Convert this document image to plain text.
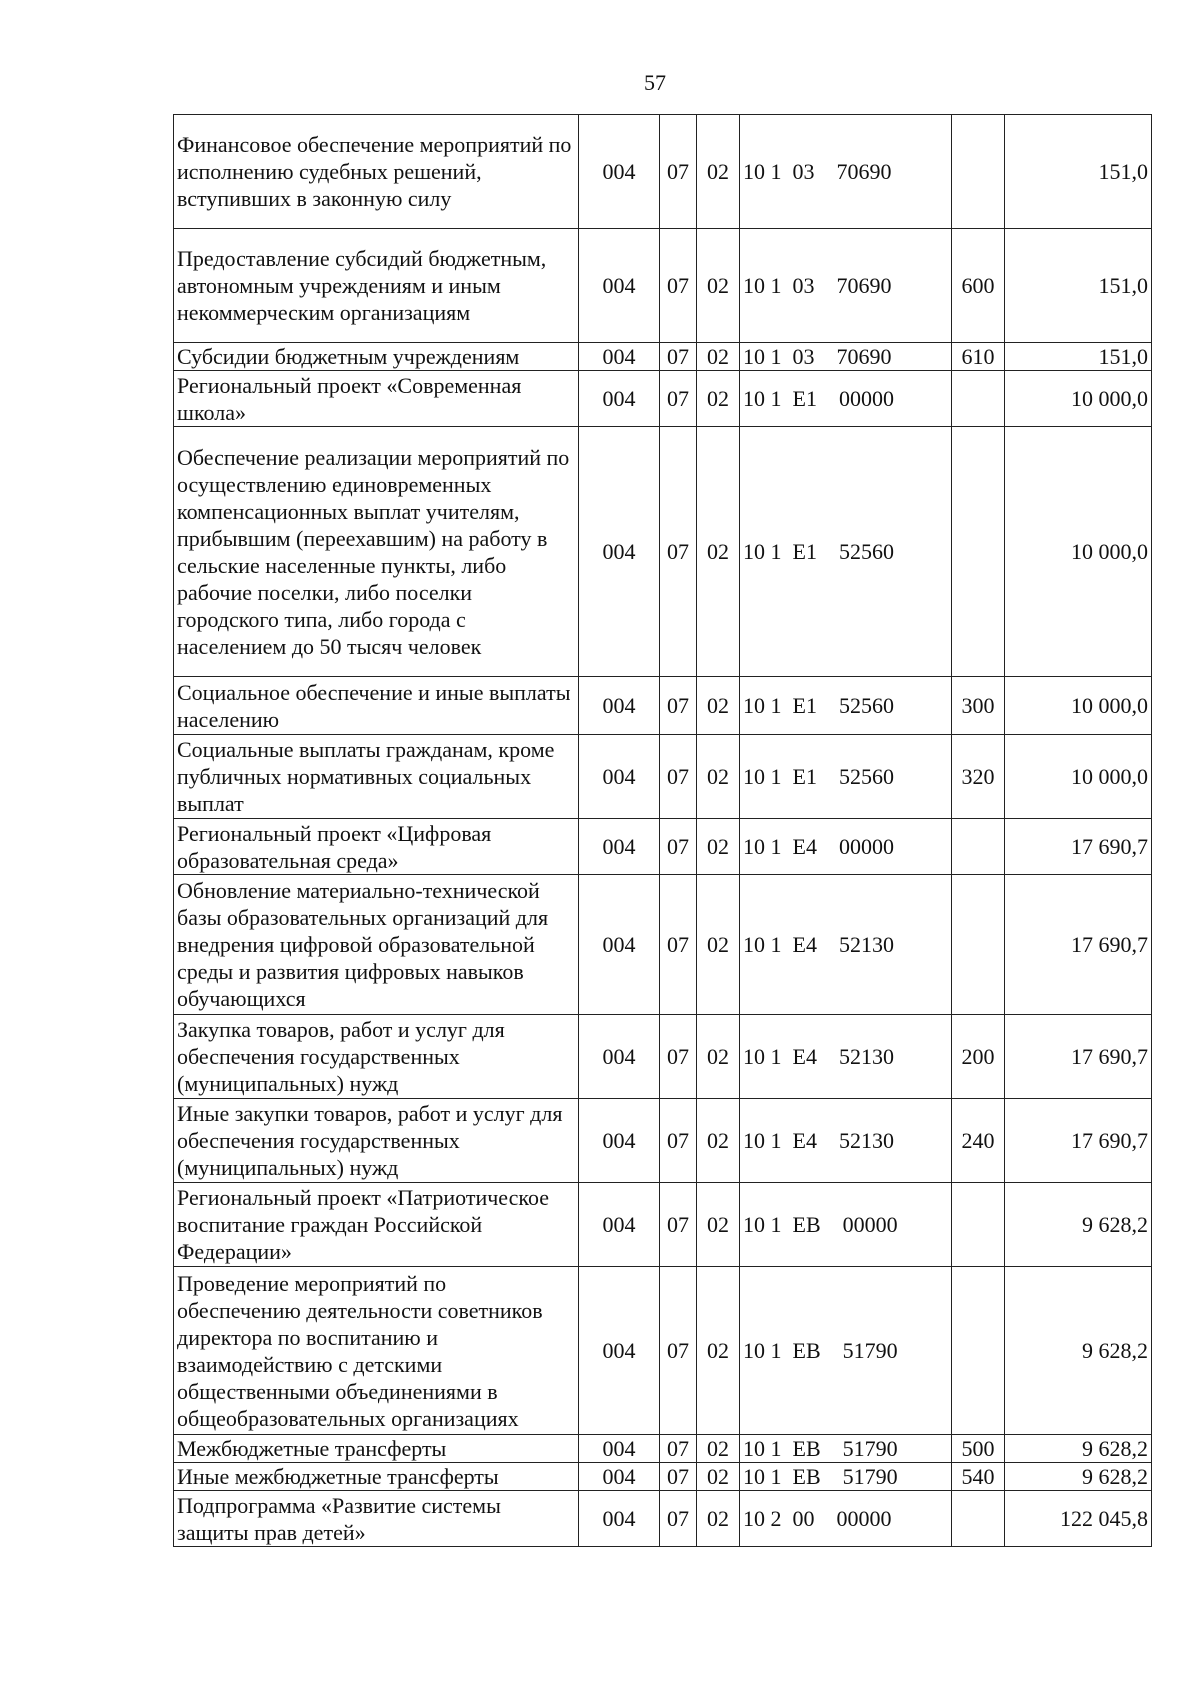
57
Финансовое обеспечение мероприятий по исполнению судебных решений, вступивших в законную силу	004	07	02	10 1  03    70690		151,0
Предоставление субсидий бюджетным, автономным учреждениям и иным некоммерческим организациям	004	07	02	10 1  03    70690	600	151,0
Субсидии бюджетным учреждениям	004	07	02	10 1  03    70690	610	151,0
Региональный проект «Современная школа»	004	07	02	10 1  E1    00000		10 000,0
Обеспечение реализации мероприятий по осуществлению единовременных компенсационных выплат учителям, прибывшим (переехавшим) на работу в сельские населенные пункты, либо рабочие поселки, либо поселки городского типа, либо города с населением до 50 тысяч человек	004	07	02	10 1  E1    52560		10 000,0
Социальное обеспечение и иные выплаты населению	004	07	02	10 1  E1    52560	300	10 000,0
Социальные выплаты гражданам, кроме публичных нормативных социальных выплат	004	07	02	10 1  E1    52560	320	10 000,0
Региональный проект «Цифровая образовательная среда»	004	07	02	10 1  E4    00000		17 690,7
Обновление материально-технической базы образовательных организаций для внедрения цифровой образовательной среды и развития цифровых навыков обучающихся	004	07	02	10 1  E4    52130		17 690,7
Закупка товаров, работ и услуг для обеспечения государственных (муниципальных) нужд	004	07	02	10 1  E4    52130	200	17 690,7
Иные закупки товаров, работ и услуг для обеспечения государственных (муниципальных) нужд	004	07	02	10 1  E4    52130	240	17 690,7
Региональный проект «Патриотическое воспитание граждан Российской Федерации»	004	07	02	10 1  EB    00000		9 628,2
Проведение мероприятий по обеспечению деятельности советников директора по воспитанию и взаимодействию с детскими общественными объединениями в общеобразовательных организациях	004	07	02	10 1  EB    51790		9 628,2
Межбюджетные трансферты	004	07	02	10 1  EB    51790	500	9 628,2
Иные межбюджетные трансферты	004	07	02	10 1  EB    51790	540	9 628,2
Подпрограмма «Развитие системы защиты прав детей»	004	07	02	10 2  00    00000		122 045,8
